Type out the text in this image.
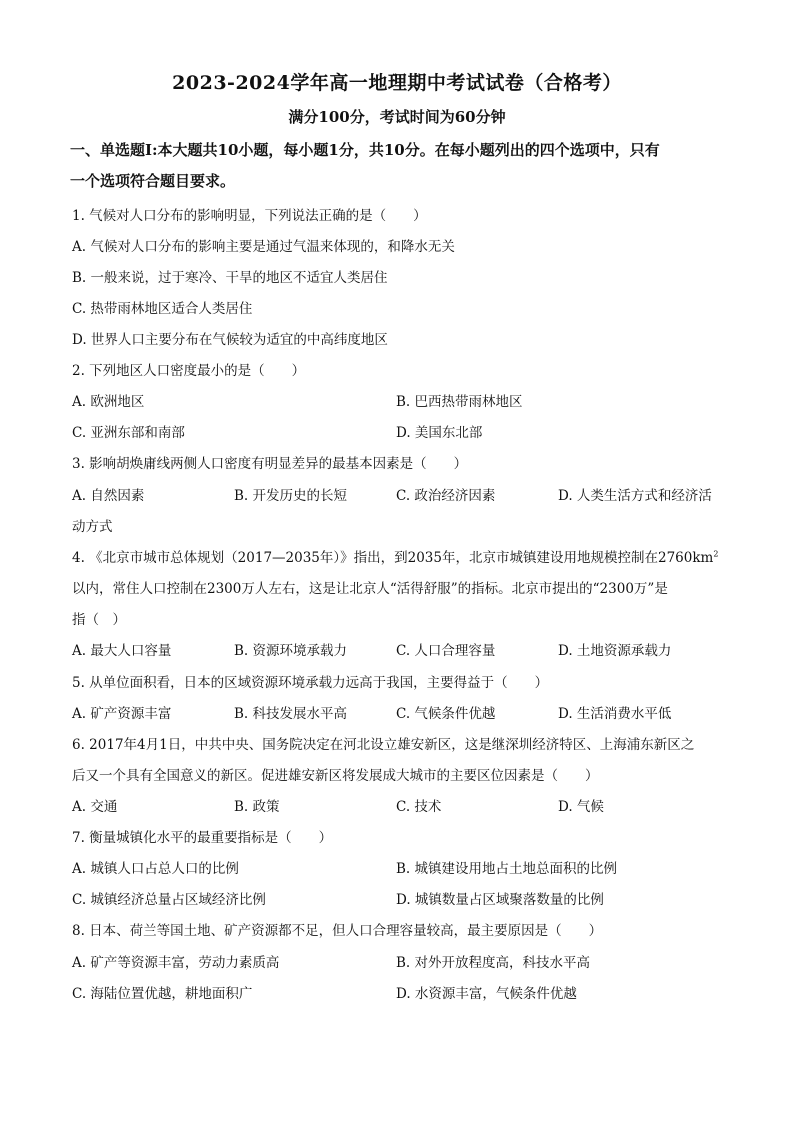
2023-2024学年高一地理期中考试试卷（合格考）
满分100分，考试时间为60分钟
一、单选题Ⅰ:本大题共10小题，每小题1分，共10分。在每小题列出的四个选项中，只有
一个选项符合题目要求。
1. 气候对人口分布的影响明显，下列说法正确的是（　　）
A. 气候对人口分布的影响主要是通过气温来体现的，和降水无关
B. 一般来说，过于寒冷、干旱的地区不适宜人类居住
C. 热带雨林地区适合人类居住
D. 世界人口主要分布在气候较为适宜的中高纬度地区
2. 下列地区人口密度最小的是（　　）
A. 欧洲地区	B. 巴西热带雨林地区
C. 亚洲东部和南部	D. 美国东北部
3. 影响胡焕庸线两侧人口密度有明显差异的最基本因素是（　　）
A. 自然因素	B. 开发历史的长短	C. 政治经济因素	D. 人类生活方式和经济活
动方式
4. 《北京市城市总体规划（2017—2035年）》指出，到2035年，北京市城镇建设用地规模控制在$2760km^2$
以内，常住人口控制在2300万人左右，这是让北京人“活得舒服”的指标。北京市提出的“2300万”是
指（　）
A. 最大人口容量	B. 资源环境承载力	C. 人口合理容量	D. 土地资源承载力
5. 从单位面积看，日本的区域资源环境承载力远高于我国，主要得益于（　　）
A. 矿产资源丰富	B. 科技发展水平高	C. 气候条件优越	D. 生活消费水平低
6. 2017年4月1日，中共中央、国务院决定在河北设立雄安新区，这是继深圳经济特区、上海浦东新区之
后又一个具有全国意义的新区。促进雄安新区将发展成大城市的主要区位因素是（　　）
A. 交通	B. 政策	C. 技术	D. 气候
7. 衡量城镇化水平的最重要指标是（　　）
A. 城镇人口占总人口的比例	B. 城镇建设用地占土地总面积的比例
C. 城镇经济总量占区域经济比例	D. 城镇数量占区域聚落数量的比例
8. 日本、荷兰等国土地、矿产资源都不足，但人口合理容量较高，最主要原因是（　　）
A. 矿产等资源丰富，劳动力素质高	B. 对外开放程度高，科技水平高
C. 海陆位置优越，耕地面积广	D. 水资源丰富，气候条件优越
